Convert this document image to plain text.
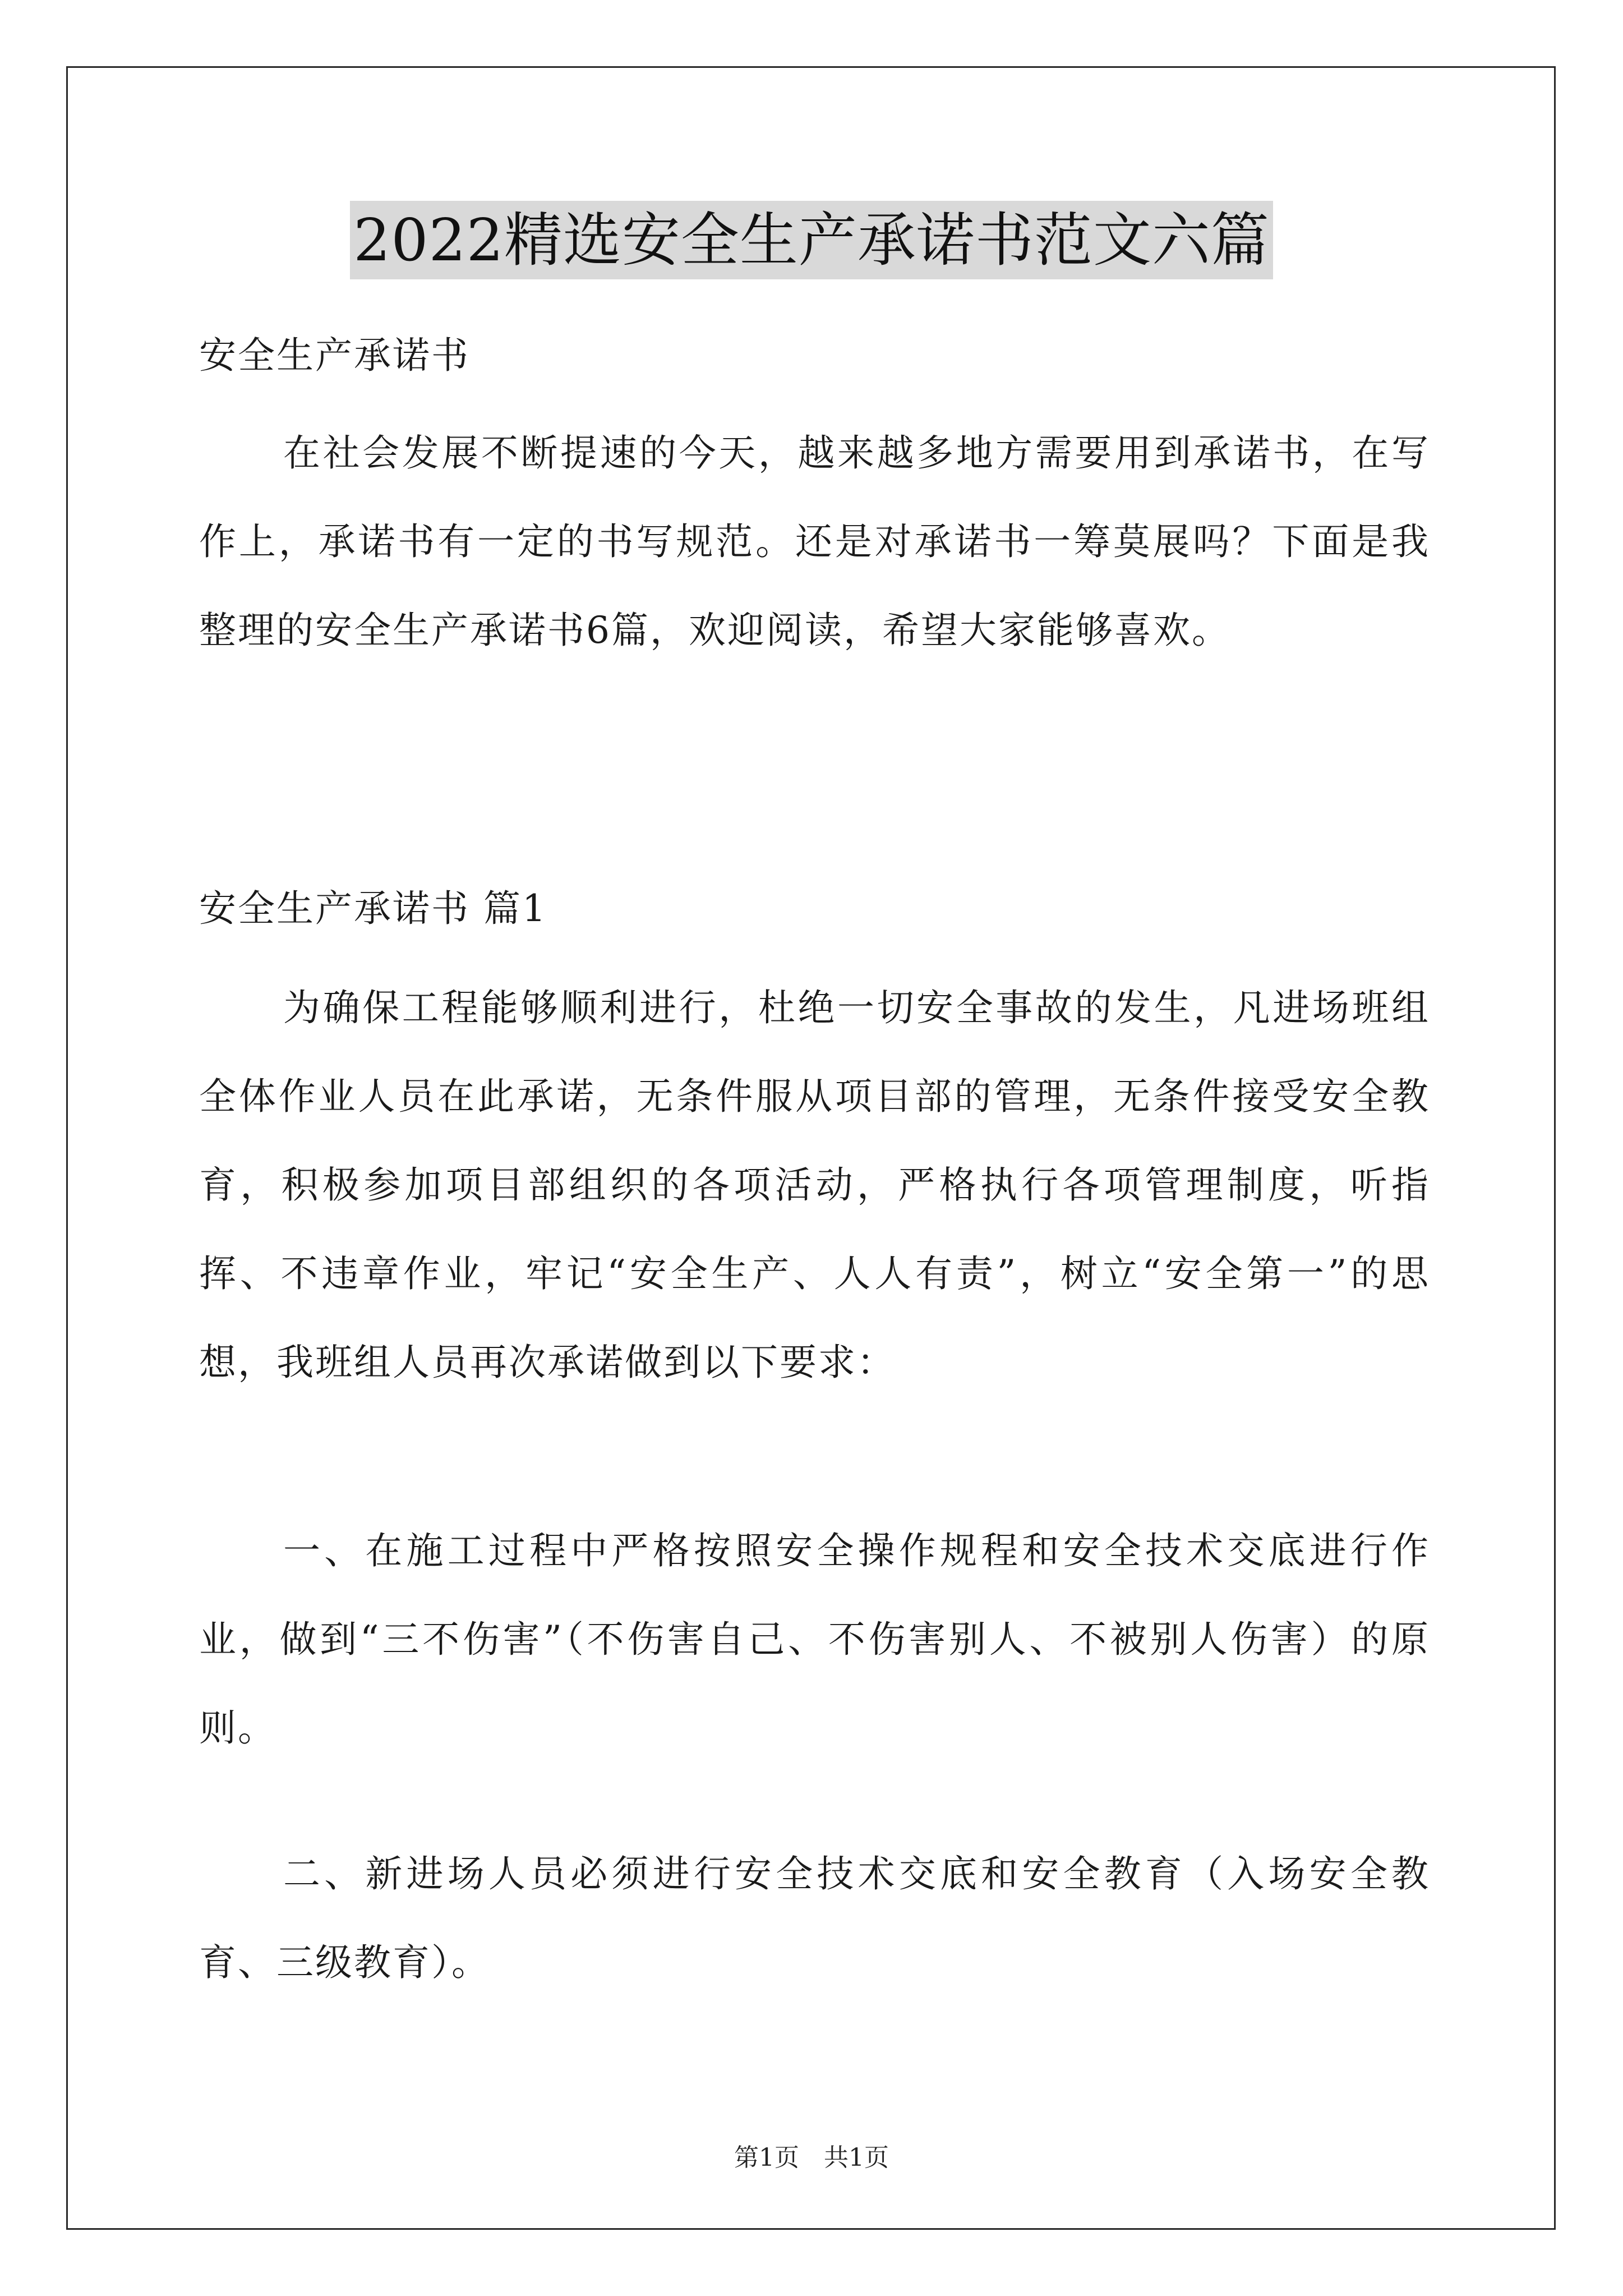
2022精选安全生产承诺书范文六篇

安全生产承诺书

在社会发展不断提速的今天，越来越多地方需要用到承诺书，在写作上，承诺书有一定的书写规范。还是对承诺书一筹莫展吗？下面是我整理的安全生产承诺书6篇，欢迎阅读，希望大家能够喜欢。

安全生产承诺书 篇1

为确保工程能够顺利进行，杜绝一切安全事故的发生，凡进场班组全体作业人员在此承诺，无条件服从项目部的管理，无条件接受安全教育，积极参加项目部组织的各项活动，严格执行各项管理制度，听指挥、不违章作业，牢记“安全生产、人人有责”，树立“安全第一”的思想，我班组人员再次承诺做到以下要求：

一、在施工过程中严格按照安全操作规程和安全技术交底进行作业，做到“三不伤害”（不伤害自己、不伤害别人、不被别人伤害）的原则。

二、新进场人员必须进行安全技术交底和安全教育（入场安全教育、三级教育）。

第1页 共1页
